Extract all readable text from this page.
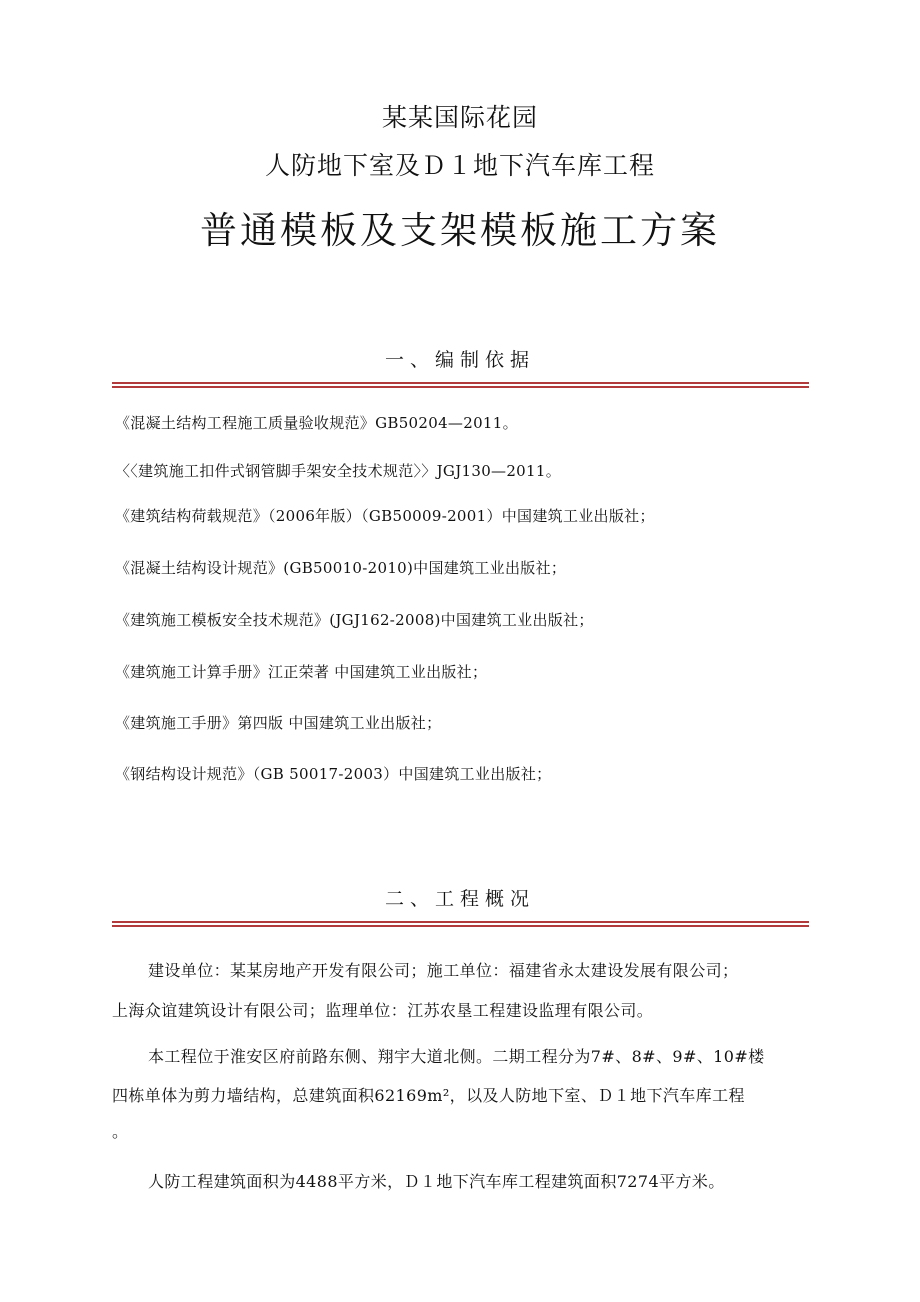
某某国际花园
人防地下室及Ｄ１地下汽车库工程
普通模板及支架模板施工方案
一、编制依据
《混凝土结构工程施工质量验收规范》GB50204—2011。
〈〈建筑施工扣件式钢管脚手架安全技术规范〉〉JGJ130—2011。
《建筑结构荷载规范》（2006年版）（GB50009-2001）中国建筑工业出版社；
《混凝土结构设计规范》(GB50010-2010)中国建筑工业出版社；
《建筑施工模板安全技术规范》(JGJ162-2008)中国建筑工业出版社；
《建筑施工计算手册》江正荣著 中国建筑工业出版社；
《建筑施工手册》第四版 中国建筑工业出版社；
《钢结构设计规范》（GB 50017-2003）中国建筑工业出版社；
二、工程概况
建设单位：某某房地产开发有限公司；施工单位：福建省永太建设发展有限公司；
上海众谊建筑设计有限公司；监理单位：江苏农垦工程建设监理有限公司。
本工程位于淮安区府前路东侧、翔宇大道北侧。二期工程分为7#、8#、9#、10#楼
四栋单体为剪力墙结构，总建筑面积62169m²，以及人防地下室、Ｄ１地下汽车库工程
。
人防工程建筑面积为4488平方米，Ｄ１地下汽车库工程建筑面积7274平方米。
